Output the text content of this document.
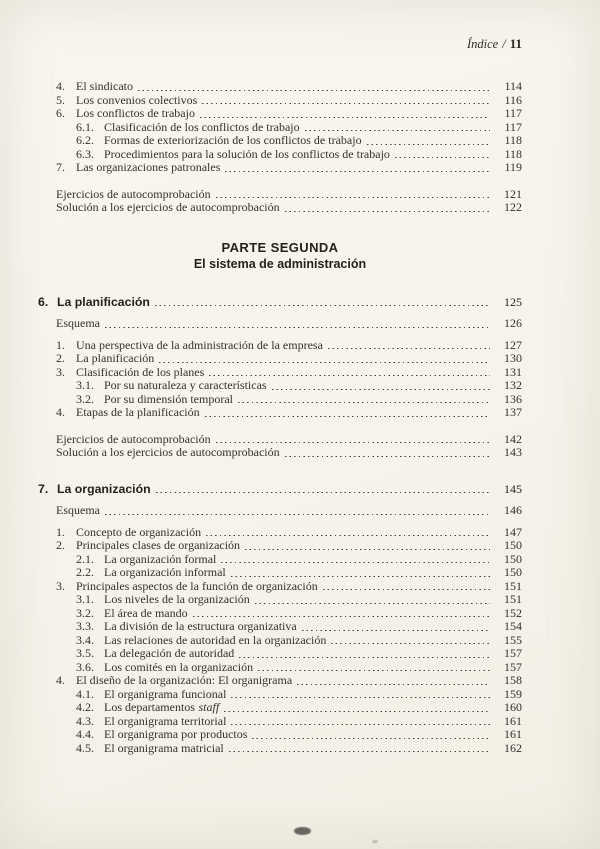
Índice / 11
4. El sindicato	114
5. Los convenios colectivos	116
6. Los conflictos de trabajo	117
6.1. Clasificación de los conflictos de trabajo	117
6.2. Formas de exteriorización de los conflictos de trabajo	118
6.3. Procedimientos para la solución de los conflictos de trabajo	118
7. Las organizaciones patronales	119
Ejercicios de autocomprobación	121
Solución a los ejercicios de autocomprobación	122
PARTE SEGUNDA
El sistema de administración
6. La planificación	125
Esquema	126
1. Una perspectiva de la administración de la empresa	127
2. La planificación	130
3. Clasificación de los planes	131
3.1. Por su naturaleza y características	132
3.2. Por su dimensión temporal	136
4. Etapas de la planificación	137
Ejercicios de autocomprobación	142
Solución a los ejercicios de autocomprobación	143
7. La organización	145
Esquema	146
1. Concepto de organización	147
2. Principales clases de organización	150
2.1. La organización formal	150
2.2. La organización informal	150
3. Principales aspectos de la función de organización	151
3.1. Los niveles de la organización	151
3.2. El área de mando	152
3.3. La división de la estructura organizativa	154
3.4. Las relaciones de autoridad en la organización	155
3.5. La delegación de autoridad	157
3.6. Los comités en la organización	157
4. El diseño de la organización: El organigrama	158
4.1. El organigrama funcional	159
4.2. Los departamentos staff	160
4.3. El organigrama territorial	161
4.4. El organigrama por productos	161
4.5. El organigrama matricial	162
